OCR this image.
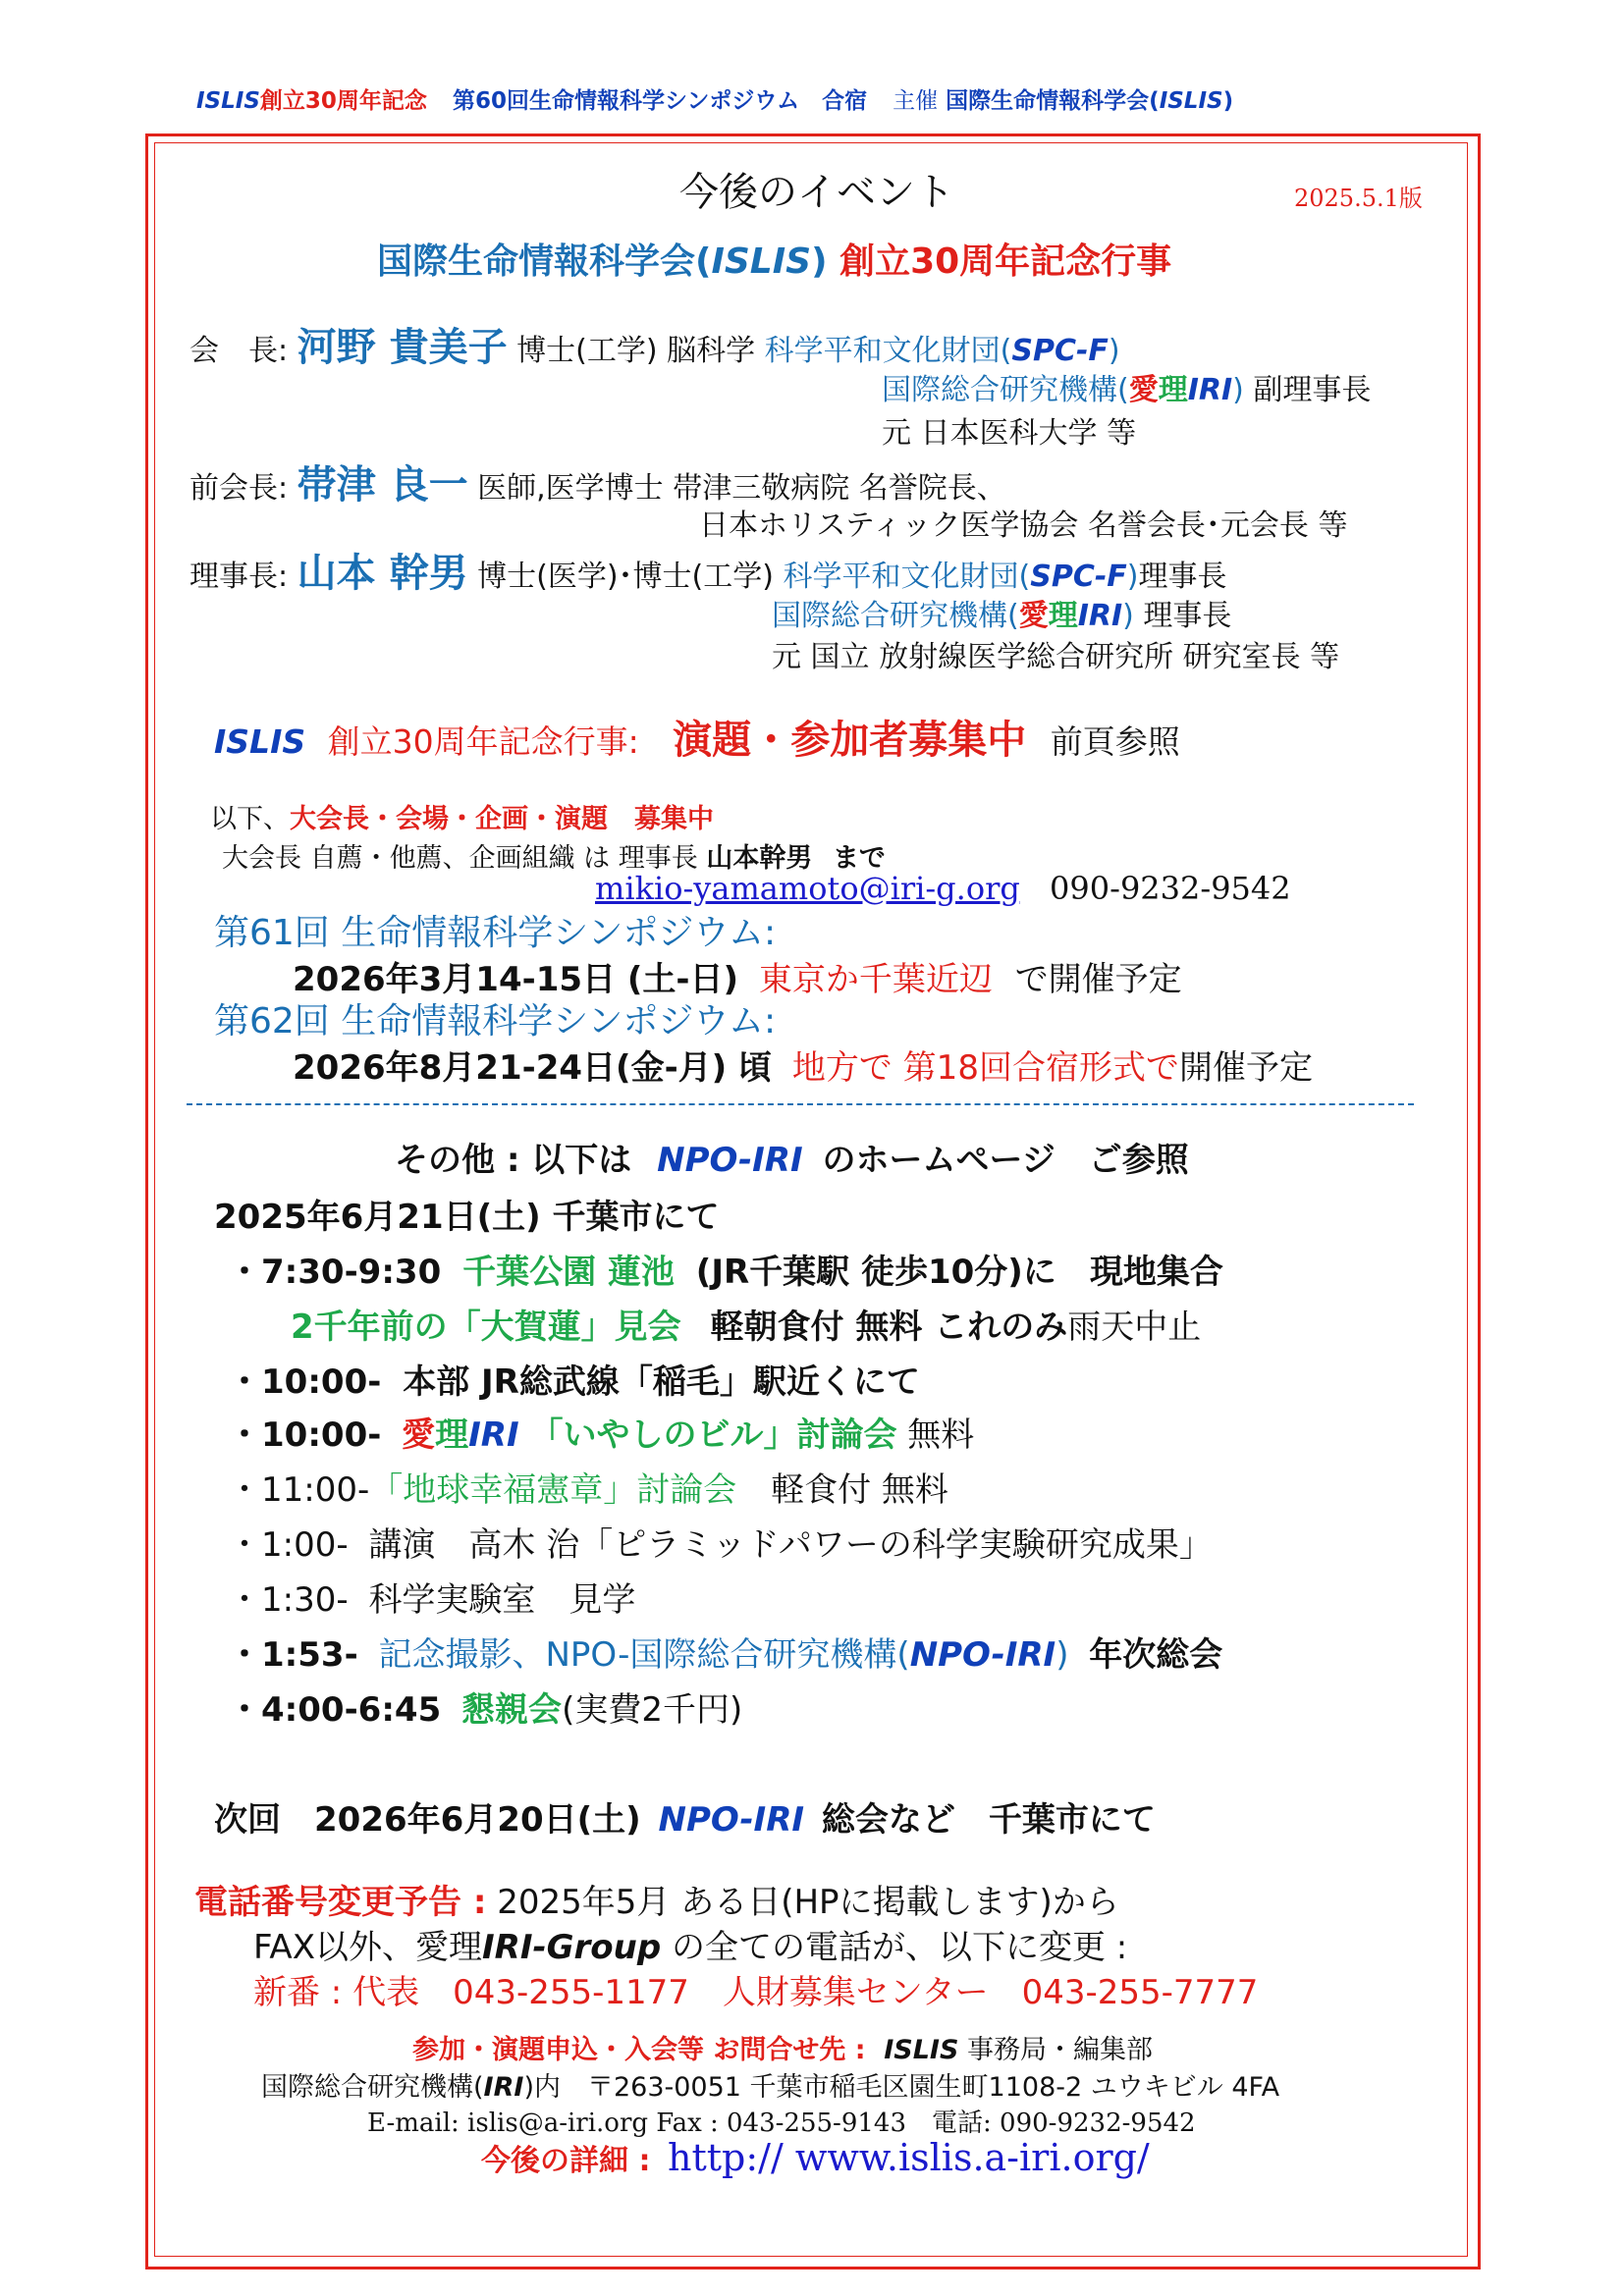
ISLIS創立30周年記念 第60回生命情報科学シンポジウム　合宿 主催 国際生命情報科学会(ISLIS)
今後のイベント	2025.5.1版
国際生命情報科学会(ISLIS) 創立30周年記念行事
会　長: 河野 貴美子 博士(工学) 脳科学 科学平和文化財団(SPC-F)
国際総合研究機構(愛理IRI) 副理事長
元 日本医科大学 等
前会長: 帯津 良一 医師,医学博士 帯津三敬病院 名誉院長、
日本ホリスティック医学協会 名誉会長･元会長 等
理事長: 山本 幹男 博士(医学)･博士(工学) 科学平和文化財団(SPC-F)理事長
国際総合研究機構(愛理IRI) 理事長
元 国立 放射線医学総合研究所 研究室長 等
ISLIS 創立30周年記念行事: 演題・参加者募集中 前頁参照
以下、大会長・会場・企画・演題　募集中
大会長 自薦・他薦、企画組織 は 理事長 山本幹男 まで
mikio-yamamoto@iri-g.org 090-9232-9542
第61回 生命情報科学シンポジウム:
2026年3月14-15日 (土-日) 東京か千葉近辺 で開催予定
第62回 生命情報科学シンポジウム:
2026年8月21-24日(金-月) 頃 地方で 第18回合宿形式で開催予定
その他 : 以下は NPO-IRI のホームページ　ご参照
2025年6月21日(土) 千葉市にて
・7:30-9:30 千葉公園 蓮池 (JR千葉駅 徒歩10分)に　現地集合
2千年前の「大賀蓮」見会 軽朝食付 無料 これのみ雨天中止
・10:00- 本部 JR総武線「稲毛」駅近くにて
・10:00- 愛理IRI 「いやしのビル」討論会 無料
・11:00-「地球幸福憲章」討論会 軽食付 無料
・1:00- 講演　高木 治「ピラミッドパワーの科学実験研究成果」
・1:30- 科学実験室　見学
・1:53- 記念撮影、NPO-国際総合研究機構(NPO-IRI) 年次総会
・4:00-6:45 懇親会(実費2千円)
次回　2026年6月20日(土) NPO-IRI 総会など　千葉市にて
電話番号変更予告 : 2025年5月 ある日(HPに掲載します)から
FAX以外、愛理IRI-Group の全ての電話が、以下に変更 :
新番 : 代表　043-255-1177　人財募集センター　043-255-7777
参加・演題申込・入会等 お問合せ先 : ISLIS 事務局・編集部
国際総合研究機構(IRI)内　〒263-0051 千葉市稲毛区園生町1108-2 ユウキビル 4FA
E-mail: islis@a-iri.org Fax : 043-255-9143　電話: 090-9232-9542
今後の詳細 : http:// www.islis.a-iri.org/
